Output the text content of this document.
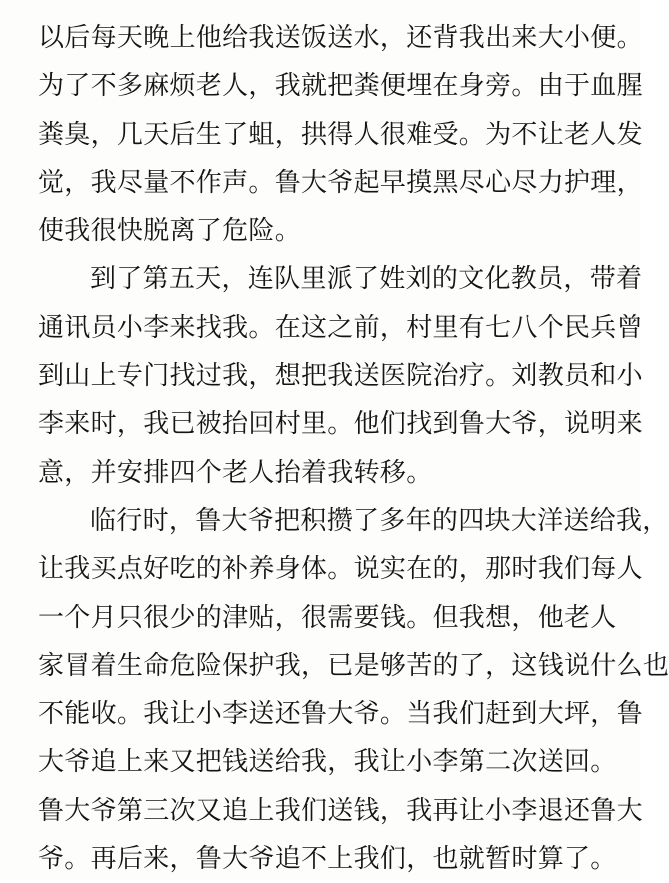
以后每天晚上他给我送饭送水，还背我出来大小便。
为了不多麻烦老人，我就把粪便埋在身旁。由于血腥
粪臭，几天后生了蛆，拱得人很难受。为不让老人发
觉，我尽量不作声。鲁大爷起早摸黑尽心尽力护理，
使我很快脱离了危险。
到了第五天，连队里派了姓刘的文化教员，带着
通讯员小李来找我。在这之前，村里有七八个民兵曾
到山上专门找过我，想把我送医院治疗。刘教员和小
李来时，我已被抬回村里。他们找到鲁大爷，说明来
意，并安排四个老人抬着我转移。
临行时，鲁大爷把积攒了多年的四块大洋送给我，
让我买点好吃的补养身体。说实在的，那时我们每人
一个月只很少的津贴，很需要钱。但我想，他老人
家冒着生命危险保护我，已是够苦的了，这钱说什么也
不能收。我让小李送还鲁大爷。当我们赶到大坪，鲁
大爷追上来又把钱送给我，我让小李第二次送回。
鲁大爷第三次又追上我们送钱，我再让小李退还鲁大
爷。再后来，鲁大爷追不上我们，也就暂时算了。
